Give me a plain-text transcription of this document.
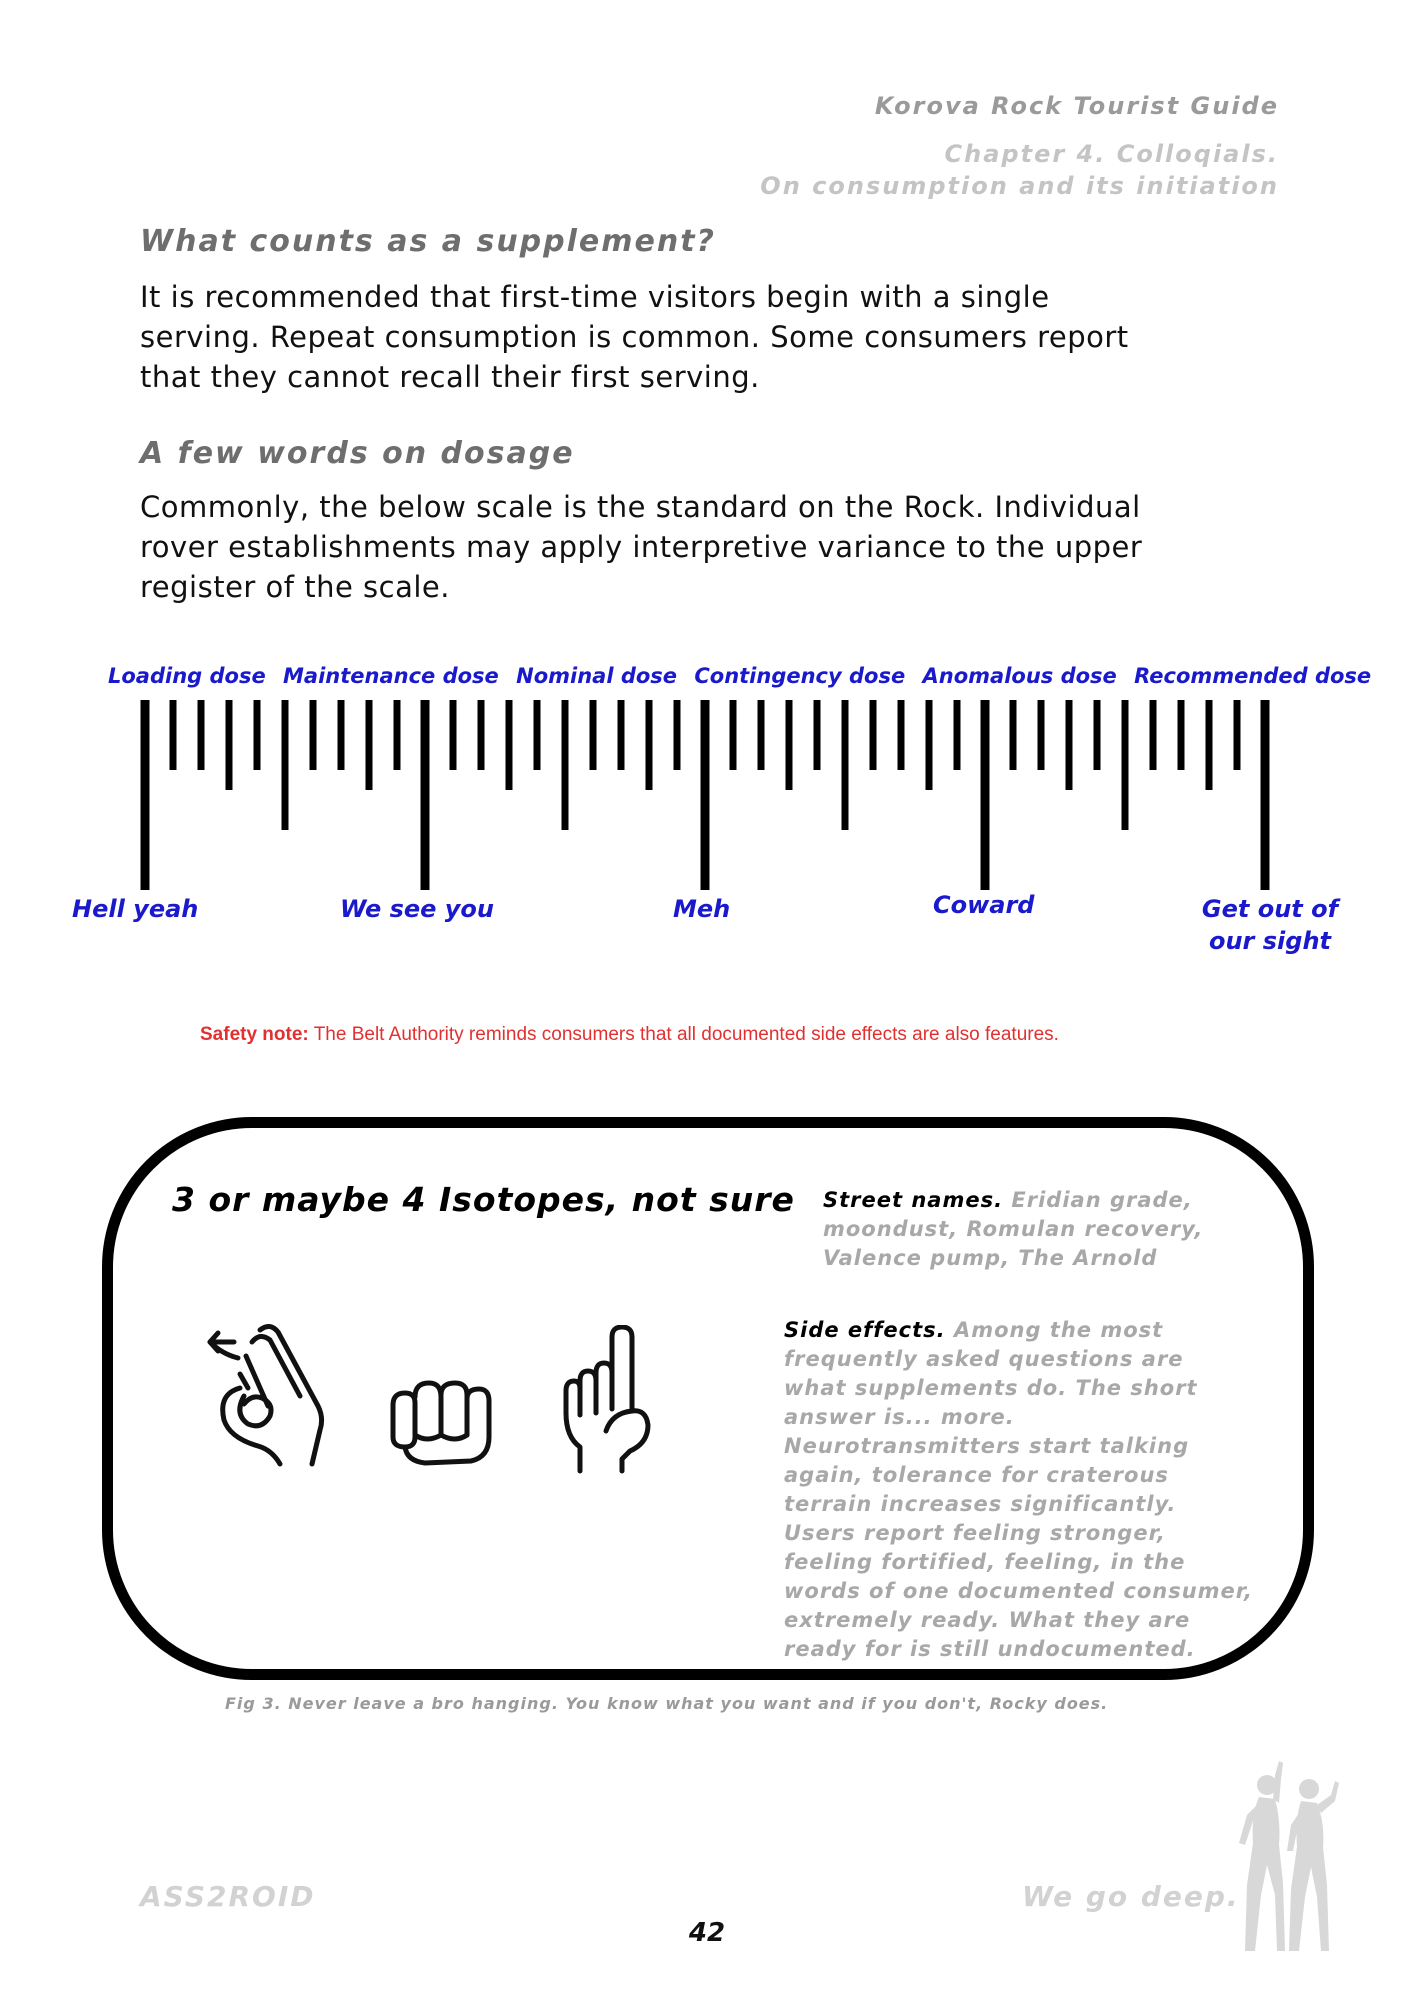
Korova Rock Tourist Guide

Chapter 4. Colloqials.

On consumption and its initiation

What counts as a supplement?

It is recommended that first-time visitors begin with a single serving. Repeat consumption is common. Some consumers report that they cannot recall their first serving.

A few words on dosage

Commonly, the below scale is the standard on the Rock. Individual rover establishments may apply interpretive variance to the upper register of the scale.

Loading dose Maintenance dose Nominal dose Contingency dose Anomalous dose Recommended dose
Hell yeah	We see you	Meh	Coward	Get out of our sight

Safety note: The Belt Authority reminds consumers that all documented side effects are also features.

3 or maybe 4 Isotopes, not sure Street names. Eridian grade, moondust, Romulan recovery, Valence pump, The Arnold

Side effects. Among the most frequently asked questions are what supplements do. The short answer is... more. Neurotransmitters start talking again, tolerance for craterous terrain increases significantly. Users report feeling stronger, feeling fortified, feeling, in the words of one documented consumer, extremely ready. What they are ready for is still undocumented.

Fig 3. Never leave a bro hanging. You know what you want and if you don't, Rocky does.

ASS2ROID	We go deep.

42
